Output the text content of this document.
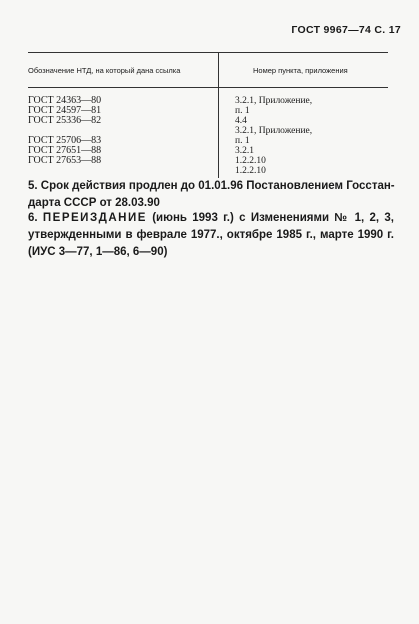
ГОСТ 9967—74 С. 17
Обозначение НТД, на который дана ссылка	Номер пункта, приложения
ГОСТ 24363—80
ГОСТ 24597—81
ГОСТ 25336—82
ГОСТ 25706—83
ГОСТ 27651—88
ГОСТ 27653—88
3.2.1, Приложение,
п. 1
4.4
3.2.1, Приложение,
п. 1
3.2.1
1.2.2.10
1.2.2.10
5. Срок действия продлен до 01.01.96 Постановлением Госстан-
дарта СССР от 28.03.90
6. ПЕРЕИЗДАНИЕ (июнь 1993 г.) с Изменениями № 1, 2, 3,
утвержденными в феврале 1977., октябре 1985 г., марте 1990 г.
(ИУС 3—77, 1—86, 6—90)
